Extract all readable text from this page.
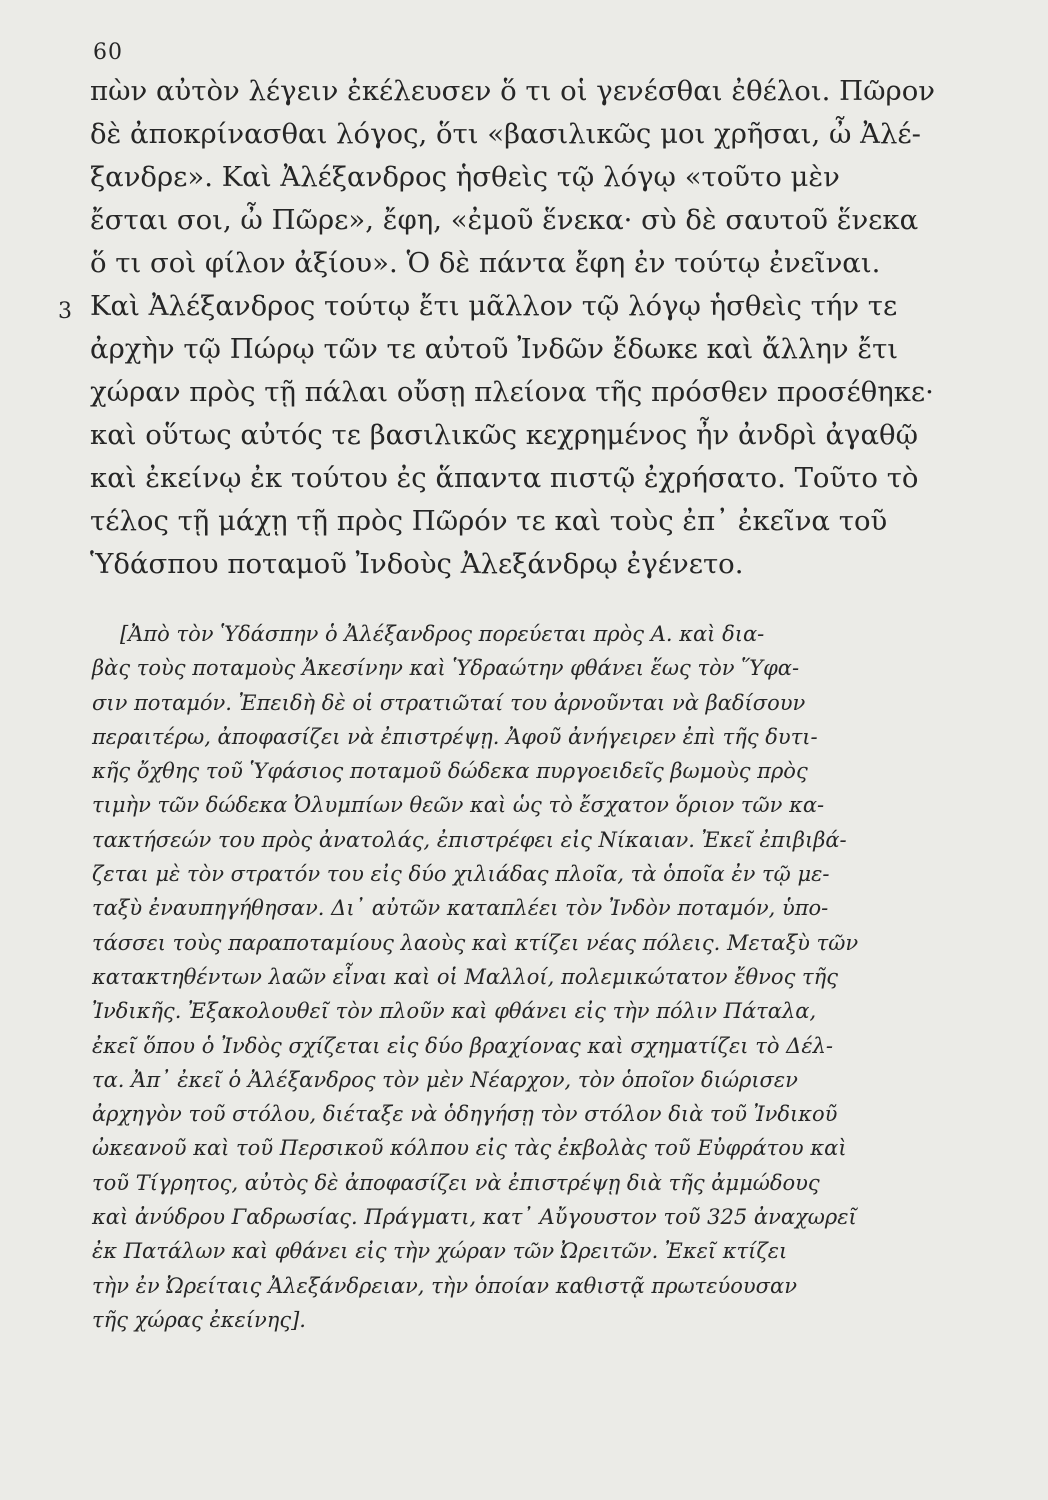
60
3
πὼν αὐτὸν λέγειν ἐκέλευσεν ὅ τι οἱ γενέσθαι ἐθέλοι. Πῶρον
δὲ ἀποκρίνασθαι λόγος, ὅτι «βασιλικῶς μοι χρῆσαι, ὦ Ἀλέ-
ξανδρε». Καὶ Ἀλέξανδρος ἡσθεὶς τῷ λόγῳ «τοῦτο μὲν
ἔσται σοι, ὦ Πῶρε», ἔφη, «ἐμοῦ ἕνεκα· σὺ δὲ σαυτοῦ ἕνεκα
ὅ τι σοὶ φίλον ἀξίου». Ὁ δὲ πάντα ἔφη ἐν τούτῳ ἐνεῖναι.
Καὶ Ἀλέξανδρος τούτῳ ἔτι μᾶλλον τῷ λόγῳ ἡσθεὶς τήν τε
ἀρχὴν τῷ Πώρῳ τῶν τε αὐτοῦ Ἰνδῶν ἔδωκε καὶ ἄλλην ἔτι
χώραν πρὸς τῇ πάλαι οὔσῃ πλείονα τῆς πρόσθεν προσέθηκε·
καὶ οὕτως αὐτός τε βασιλικῶς κεχρημένος ἦν ἀνδρὶ ἀγαθῷ
καὶ ἐκείνῳ ἐκ τούτου ἐς ἅπαντα πιστῷ ἐχρήσατο. Τοῦτο τὸ
τέλος τῇ μάχῃ τῇ πρὸς Πῶρόν τε καὶ τοὺς ἐπ᾽ ἐκεῖνα τοῦ
Ὑδάσπου ποταμοῦ Ἰνδοὺς Ἀλεξάνδρῳ ἐγένετο.
[Ἀπὸ τὸν Ὑδάσπην ὁ Ἀλέξανδρος πορεύεται πρὸς Α. καὶ δια-
βὰς τοὺς ποταμοὺς Ἀκεσίνην καὶ Ὑδραώτην φθάνει ἕως τὸν Ὕφα-
σιν ποταμόν. Ἐπειδὴ δὲ οἱ στρατιῶταί του ἀρνοῦνται νὰ βαδίσουν
περαιτέρω, ἀποφασίζει νὰ ἐπιστρέψῃ. Ἀφοῦ ἀνήγειρεν ἐπὶ τῆς δυτι-
κῆς ὄχθης τοῦ Ὑφάσιος ποταμοῦ δώδεκα πυργοειδεῖς βωμοὺς πρὸς
τιμὴν τῶν δώδεκα Ὀλυμπίων θεῶν καὶ ὡς τὸ ἔσχατον ὅριον τῶν κα-
τακτήσεών του πρὸς ἀνατολάς, ἐπιστρέφει εἰς Νίκαιαν. Ἐκεῖ ἐπιβιβά-
ζεται μὲ τὸν στρατόν του εἰς δύο χιλιάδας πλοῖα, τὰ ὁποῖα ἐν τῷ με-
ταξὺ ἐναυπηγήθησαν. Δι᾽ αὐτῶν καταπλέει τὸν Ἰνδὸν ποταμόν, ὑπο-
τάσσει τοὺς παραποταμίους λαοὺς καὶ κτίζει νέας πόλεις. Μεταξὺ τῶν
κατακτηθέντων λαῶν εἶναι καὶ οἱ Μαλλοί, πολεμικώτατον ἔθνος τῆς
Ἰνδικῆς. Ἐξακολουθεῖ τὸν πλοῦν καὶ φθάνει εἰς τὴν πόλιν Πάταλα,
ἐκεῖ ὅπου ὁ Ἰνδὸς σχίζεται εἰς δύο βραχίονας καὶ σχηματίζει τὸ Δέλ-
τα. Ἀπ᾽ ἐκεῖ ὁ Ἀλέξανδρος τὸν μὲν Νέαρχον, τὸν ὁποῖον διώρισεν
ἀρχηγὸν τοῦ στόλου, διέταξε νὰ ὁδηγήσῃ τὸν στόλον διὰ τοῦ Ἰνδικοῦ
ὠκεανοῦ καὶ τοῦ Περσικοῦ κόλπου εἰς τὰς ἐκβολὰς τοῦ Εὐφράτου καὶ
τοῦ Τίγρητος, αὐτὸς δὲ ἀποφασίζει νὰ ἐπιστρέψῃ διὰ τῆς ἀμμώδους
καὶ ἀνύδρου Γαδρωσίας. Πράγματι, κατ᾽ Αὔγουστον τοῦ 325 ἀναχωρεῖ
ἐκ Πατάλων καὶ φθάνει εἰς τὴν χώραν τῶν Ὠρειτῶν. Ἐκεῖ κτίζει
τὴν ἐν Ὠρείταις Ἀλεξάνδρειαν, τὴν ὁποίαν καθιστᾷ πρωτεύουσαν
τῆς χώρας ἐκείνης].
